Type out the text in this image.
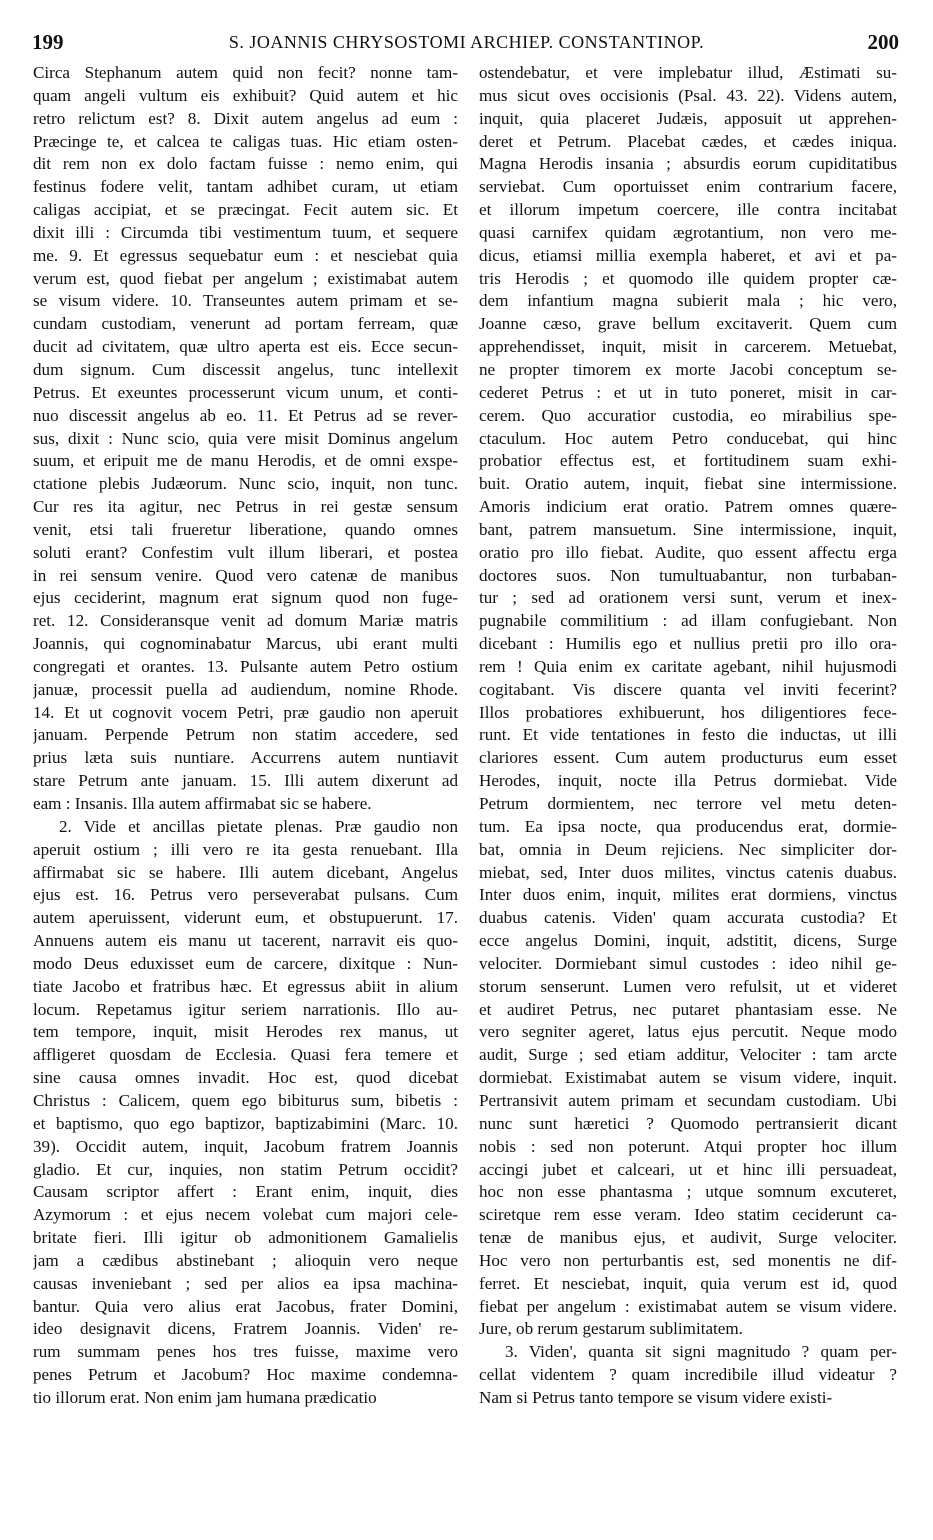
199	S. JOANNIS CHRYSOSTOMI ARCHIEP. CONSTANTINOP.	200
Circa Stephanum autem quid non fecit? nonne tam-
quam angeli vultum eis exhibuit? Quid autem et hic
retro relictum est? 8. Dixit autem angelus ad eum :
Præcinge te, et calcea te caligas tuas. Hic etiam osten-
dit rem non ex dolo factam fuisse : nemo enim, qui
festinus fodere velit, tantam adhibet curam, ut etiam
caligas accipiat, et se præcingat. Fecit autem sic. Et
dixit illi : Circumda tibi vestimentum tuum, et sequere
me. 9. Et egressus sequebatur eum : et nesciebat quia
verum est, quod fiebat per angelum ; existimabat autem
se visum videre. 10. Transeuntes autem primam et se-
cundam custodiam, venerunt ad portam ferream, quæ
ducit ad civitatem, quæ ultro aperta est eis. Ecce secun-
dum signum. Cum discessit angelus, tunc intellexit
Petrus. Et exeuntes processerunt vicum unum, et conti-
nuo discessit angelus ab eo. 11. Et Petrus ad se rever-
sus, dixit : Nunc scio, quia vere misit Dominus angelum
suum, et eripuit me de manu Herodis, et de omni exspe-
ctatione plebis Judæorum. Nunc scio, inquit, non tunc.
Cur res ita agitur, nec Petrus in rei gestæ sensum
venit, etsi tali frueretur liberatione, quando omnes
soluti erant? Confestim vult illum liberari, et postea
in rei sensum venire. Quod vero catenæ de manibus
ejus ceciderint, magnum erat signum quod non fuge-
ret. 12. Consideransque venit ad domum Mariæ matris
Joannis, qui cognominabatur Marcus, ubi erant multi
congregati et orantes. 13. Pulsante autem Petro ostium
januæ, processit puella ad audiendum, nomine Rhode.
14. Et ut cognovit vocem Petri, præ gaudio non aperuit
januam. Perpende Petrum non statim accedere, sed
prius læta suis nuntiare. Accurrens autem nuntiavit
stare Petrum ante januam. 15. Illi autem dixerunt ad
eam : Insanis. Illa autem affirmabat sic se habere.
2. Vide et ancillas pietate plenas. Præ gaudio non
aperuit ostium ; illi vero re ita gesta renuebant. Illa
affirmabat sic se habere. Illi autem dicebant, Angelus
ejus est. 16. Petrus vero perseverabat pulsans. Cum
autem aperuissent, viderunt eum, et obstupuerunt. 17.
Annuens autem eis manu ut tacerent, narravit eis quo-
modo Deus eduxisset eum de carcere, dixitque : Nun-
tiate Jacobo et fratribus hæc. Et egressus abiit in alium
locum. Repetamus igitur seriem narrationis. Illo au-
tem tempore, inquit, misit Herodes rex manus, ut
affligeret quosdam de Ecclesia. Quasi fera temere et
sine causa omnes invadit. Hoc est, quod dicebat
Christus : Calicem, quem ego bibiturus sum, bibetis :
et baptismo, quo ego baptizor, baptizabimini (Marc. 10.
39). Occidit autem, inquit, Jacobum fratrem Joannis
gladio. Et cur, inquies, non statim Petrum occidit?
Causam scriptor affert : Erant enim, inquit, dies
Azymorum : et ejus necem volebat cum majori cele-
britate fieri. Illi igitur ob admonitionem Gamalielis
jam a cædibus abstinebant ; alioquin vero neque
causas inveniebant ; sed per alios ea ipsa machina-
bantur. Quia vero alius erat Jacobus, frater Domini,
ideo designavit dicens, Fratrem Joannis. Viden' re-
rum summam penes hos tres fuisse, maxime vero
penes Petrum et Jacobum? Hoc maxime condemna-
tio illorum erat. Non enim jam humana prædicatio
ostendebatur, et vere implebatur illud, Æstimati su-
mus sicut oves occisionis (Psal. 43. 22). Videns autem,
inquit, quia placeret Judæis, apposuit ut apprehen-
deret et Petrum. Placebat cædes, et cædes iniqua.
Magna Herodis insania ; absurdis eorum cupiditatibus
serviebat. Cum oportuisset enim contrarium facere,
et illorum impetum coercere, ille contra incitabat
quasi carnifex quidam ægrotantium, non vero me-
dicus, etiamsi millia exempla haberet, et avi et pa-
tris Herodis ; et quomodo ille quidem propter cæ-
dem infantium magna subierit mala ; hic vero,
Joanne cæso, grave bellum excitaverit. Quem cum
apprehendisset, inquit, misit in carcerem. Metuebat,
ne propter timorem ex morte Jacobi conceptum se-
cederet Petrus : et ut in tuto poneret, misit in car-
cerem. Quo accuratior custodia, eo mirabilius spe-
ctaculum. Hoc autem Petro conducebat, qui hinc
probatior effectus est, et fortitudinem suam exhi-
buit. Oratio autem, inquit, fiebat sine intermissione.
Amoris indicium erat oratio. Patrem omnes quære-
bant, patrem mansuetum. Sine intermissione, inquit,
oratio pro illo fiebat. Audite, quo essent affectu erga
doctores suos. Non tumultuabantur, non turbaban-
tur ; sed ad orationem versi sunt, verum et inex-
pugnabile commilitium : ad illam confugiebant. Non
dicebant : Humilis ego et nullius pretii pro illo ora-
rem ! Quia enim ex caritate agebant, nihil hujusmodi
cogitabant. Vis discere quanta vel inviti fecerint?
Illos probatiores exhibuerunt, hos diligentiores fece-
runt. Et vide tentationes in festo die inductas, ut illi
clariores essent. Cum autem producturus eum esset
Herodes, inquit, nocte illa Petrus dormiebat. Vide
Petrum dormientem, nec terrore vel metu deten-
tum. Ea ipsa nocte, qua producendus erat, dormie-
bat, omnia in Deum rejiciens. Nec simpliciter dor-
miebat, sed, Inter duos milites, vinctus catenis duabus.
Inter duos enim, inquit, milites erat dormiens, vinctus
duabus catenis. Viden' quam accurata custodia? Et
ecce angelus Domini, inquit, adstitit, dicens, Surge
velociter. Dormiebant simul custodes : ideo nihil ge-
storum senserunt. Lumen vero refulsit, ut et videret
et audiret Petrus, nec putaret phantasiam esse. Ne
vero segniter ageret, latus ejus percutit. Neque modo
audit, Surge ; sed etiam additur, Velociter : tam arcte
dormiebat. Existimabat autem se visum videre, inquit.
Pertransivit autem primam et secundam custodiam. Ubi
nunc sunt hæretici ? Quomodo pertransierit dicant
nobis : sed non poterunt. Atqui propter hoc illum
accingi jubet et calceari, ut et hinc illi persuadeat,
hoc non esse phantasma ; utque somnum excuteret,
sciretque rem esse veram. Ideo statim ceciderunt ca-
tenæ de manibus ejus, et audivit, Surge velociter.
Hoc vero non perturbantis est, sed monentis ne dif-
ferret. Et nesciebat, inquit, quia verum est id, quod
fiebat per angelum : existimabat autem se visum videre.
Jure, ob rerum gestarum sublimitatem.
3. Viden', quanta sit signi magnitudo ? quam per-
cellat videntem ? quam incredibile illud videatur ?
Nam si Petrus tanto tempore se visum videre existi-
